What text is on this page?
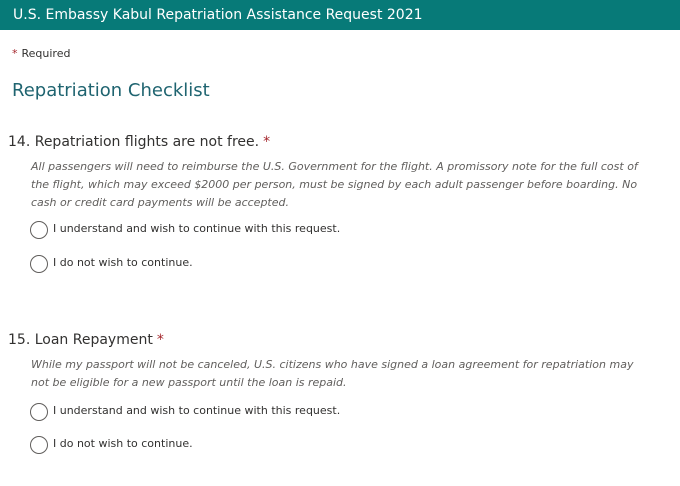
U.S. Embassy Kabul Repatriation Assistance Request 2021
* Required
Repatriation Checklist
14. Repatriation flights are not free. *
All passengers will need to reimburse the U.S. Government for the flight. A promissory note for the full cost of the flight, which may exceed $2000 per person, must be signed by each adult passenger before boarding. No cash or credit card payments will be accepted.
I understand and wish to continue with this request.
I do not wish to continue.
15. Loan Repayment *
While my passport will not be canceled, U.S. citizens who have signed a loan agreement for repatriation may not be eligible for a new passport until the loan is repaid.
I understand and wish to continue with this request.
I do not wish to continue.
